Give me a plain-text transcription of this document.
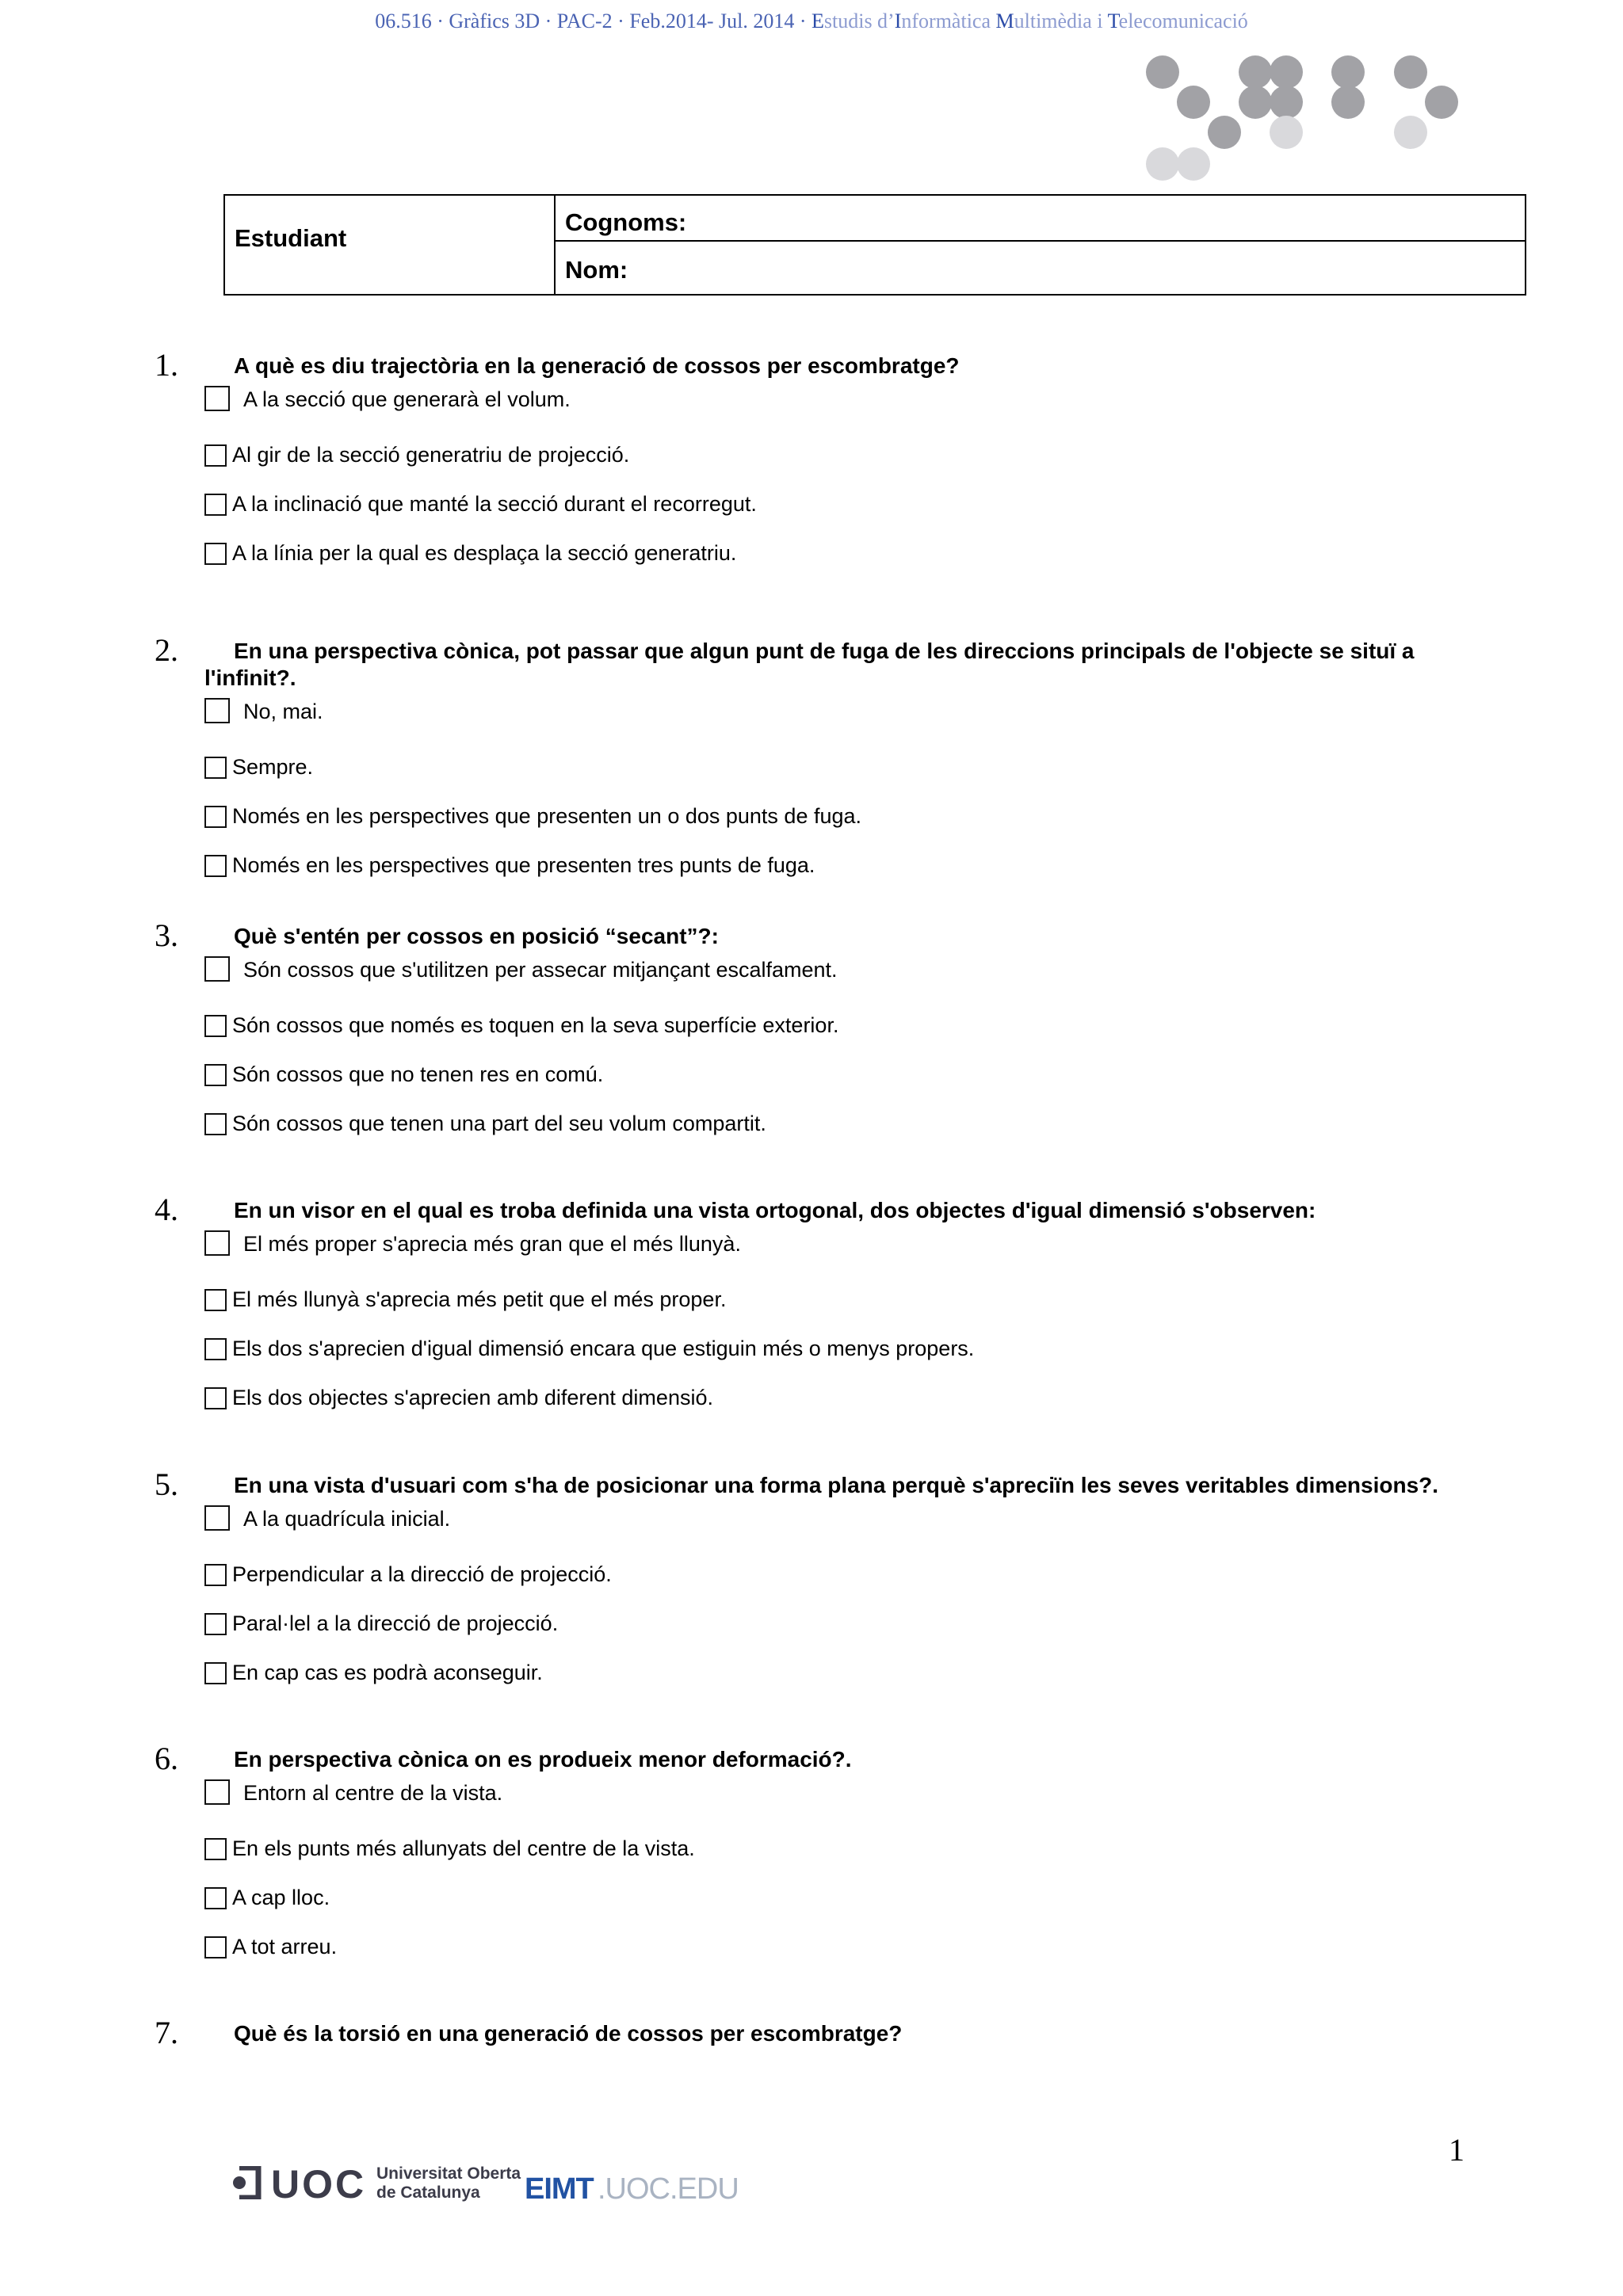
06.516 · Gràfics 3D · PAC-2 · Feb.2014- Jul. 2014 · Estudis d’Informàtica Multimèdia i Telecomunicació
Estudiant
Cognoms:
Nom:
1.	A què es diu trajectòria en la generació de cossos per escombratge?
A la secció que generarà el volum.
Al gir de la secció generatriu de projecció.
A la inclinació que manté la secció durant el recorregut.
A la línia per la qual es desplaça la secció generatriu.
2.	En una perspectiva cònica, pot passar que algun punt de fuga de les direccions principals de l'objecte se situï a l'infinit?.
No, mai.
Sempre.
Només en les perspectives que presenten un o dos punts de fuga.
Només en les perspectives que presenten tres punts de fuga.
3.	Què s'entén per cossos en posició “secant”?:
Són cossos que s'utilitzen per assecar mitjançant escalfament.
Són cossos que només es toquen en la seva superfície exterior.
Són cossos que no tenen res en comú.
Són cossos que tenen una part del seu volum compartit.
4.	En un visor en el qual es troba definida una vista ortogonal, dos objectes d'igual dimensió s'observen:
El més proper s'aprecia més gran que el més llunyà.
El més llunyà s'aprecia més petit que el més proper.
Els dos s'aprecien d'igual dimensió encara que estiguin més o menys propers.
Els dos objectes s'aprecien amb diferent dimensió.
5.	En una vista d'usuari com s'ha de posicionar una forma plana perquè s'apreciïn les seves veritables dimensions?.
A la quadrícula inicial.
Perpendicular a la direcció de projecció.
Paral·lel a la direcció de projecció.
En cap cas es podrà aconseguir.
6.	En perspectiva cònica on es produeix menor deformació?.
Entorn al centre de la vista.
En els punts més allunyats del centre de la vista.
A cap lloc.
A tot arreu.
7.	Què és la torsió en una generació de cossos per escombratge?
1
UOC Universitat Oberta
de Catalunya	EIMT .UOC.EDU
